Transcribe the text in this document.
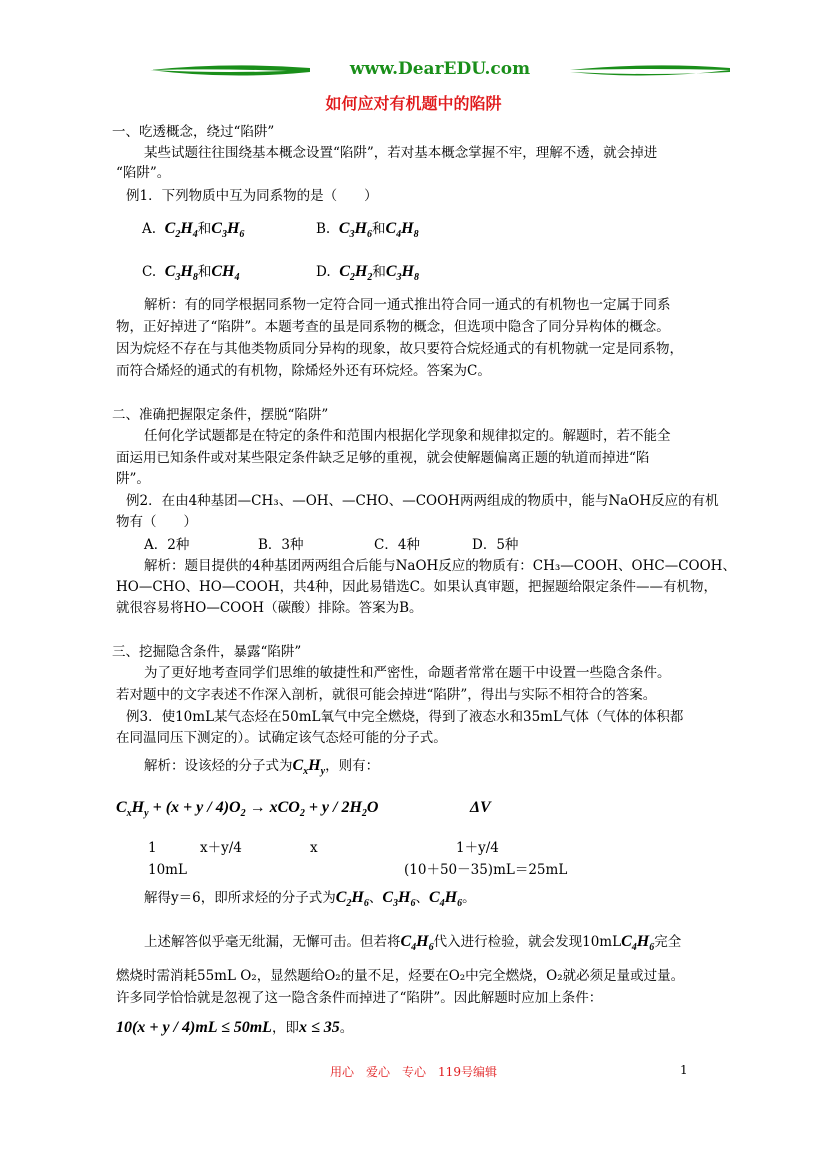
www.DearEDU.com
如何应对有机题中的陷阱
一、吃透概念，绕过“陷阱”
某些试题往往围绕基本概念设置“陷阱”，若对基本概念掌握不牢，理解不透，就会掉进
“陷阱”。
例1．下列物质中互为同系物的是（　　）
A. $C_2H_4$和$C_3H_6$	B. $C_3H_6$和$C_4H_8$
C. $C_3H_8$和$CH_4$	D. $C_2H_2$和$C_3H_8$
解析：有的同学根据同系物一定符合同一通式推出符合同一通式的有机物也一定属于同系
物，正好掉进了“陷阱”。本题考查的虽是同系物的概念，但选项中隐含了同分异构体的概念。
因为烷烃不存在与其他类物质同分异构的现象，故只要符合烷烃通式的有机物就一定是同系物，
而符合烯烃的通式的有机物，除烯烃外还有环烷烃。答案为C。
二、准确把握限定条件，摆脱“陷阱”
任何化学试题都是在特定的条件和范围内根据化学现象和规律拟定的。解题时，若不能全
面运用已知条件或对某些限定条件缺乏足够的重视，就会使解题偏离正题的轨道而掉进“陷
阱”。
例2．在由4种基团—CH₃、—OH、—CHO、—COOH两两组成的物质中，能与NaOH反应的有机
物有（　　）
A．2种	B．3种	C．4种	D．5种
解析：题目提供的4种基团两两组合后能与NaOH反应的物质有：CH₃—COOH、OHC—COOH、
HO—CHO、HO—COOH，共4种，因此易错选C。如果认真审题，把握题给限定条件——有机物，
就很容易将HO—COOH（碳酸）排除。答案为B。
三、挖掘隐含条件，暴露“陷阱”
为了更好地考查同学们思维的敏捷性和严密性，命题者常常在题干中设置一些隐含条件。
若对题中的文字表述不作深入剖析，就很可能会掉进“陷阱”，得出与实际不相符合的答案。
例3．使10mL某气态烃在50mL氧气中完全燃烧，得到了液态水和35mL气体（气体的体积都
在同温同压下测定的）。试确定该气态烃可能的分子式。
解析：设该烃的分子式为$C_xH_y$，则有：
$C_xH_y + (x + y / 4)O_2 \to xCO_2 + y / 2H_2O$	ΔV
1	x＋y/4	x	1＋y/4
10mL	(10＋50－35)mL＝25mL
解得y＝6，即所求烃的分子式为$C_2H_6$、$C_3H_6$、$C_4H_6$。
上述解答似乎毫无纰漏，无懈可击。但若将$C_4H_6$代入进行检验，就会发现$10mLC_4H_6$完全
燃烧时需消耗55mL O₂，显然题给O₂的量不足，烃要在O₂中完全燃烧，O₂就必须足量或过量。
许多同学恰恰就是忽视了这一隐含条件而掉进了“陷阱”。因此解题时应加上条件：
10(x + y / 4)mL ≤ 50mL，即x ≤ 35。
用心　爱心　专心　119号编辑	1
